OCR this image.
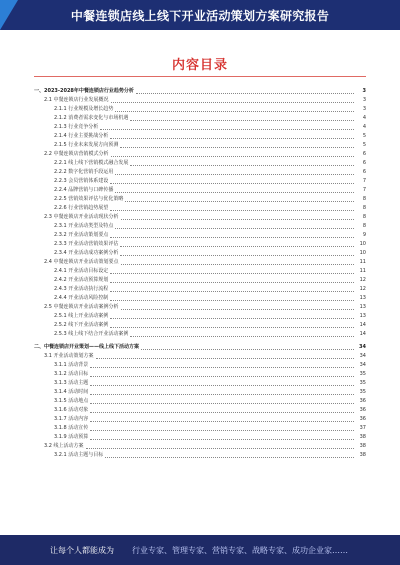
中餐连锁店线上线下开业活动策划方案研究报告
内容目录
一、2023-2028年中餐连锁店行业趋势分析	3
2.1 中餐连锁店行业发展概况	3
2.1.1 行业规模及增长趋势	3
2.1.2 消费者需求变化与市场机遇	4
2.1.3 行业竞争分析	4
2.1.4 行业主要挑战分析	5
2.1.5 行业未来发展方向预测	5
2.2 中餐连锁店营销模式分析	6
2.2.1 线上线下营销模式融合发展	6
2.2.2 数字化营销手段运用	6
2.2.3 会员营销体系建设	7
2.2.4 品牌营销与口碑传播	7
2.2.5 营销效果评估与优化策略	8
2.2.6 行业营销趋势展望	8
2.3 中餐连锁店开业活动现状分析	8
2.3.1 开业活动类型及特点	8
2.3.2 开业活动策划要点	9
2.3.3 开业活动营销效果评估	10
2.3.4 开业活动成功案例分析	10
2.4 中餐连锁店开业活动策划要点	11
2.4.1 开业活动目标设定	11
2.4.2 开业活动预算规划	12
2.4.3 开业活动执行流程	12
2.4.4 开业活动风险控制	13
2.5 中餐连锁店开业活动案例分析	13
2.5.1 线上开业活动案例	13
2.5.2 线下开业活动案例	14
2.5.3 线上线下结合开业活动案例	14
二、中餐连锁店开业策划——线上线下活动方案	34
3.1 开业活动策划方案	34
3.1.1 活动背景	34
3.1.2 活动目标	35
3.1.3 活动主题	35
3.1.4 活动时间	35
3.1.5 活动地点	36
3.1.6 活动对象	36
3.1.7 活动内容	36
3.1.8 活动宣传	37
3.1.9 活动预算	38
3.2 线上活动方案	38
3.2.1 活动主题与目标	38
让每个人都能成为 行业专家、管理专家、营销专家、战略专家、成功企业家……
